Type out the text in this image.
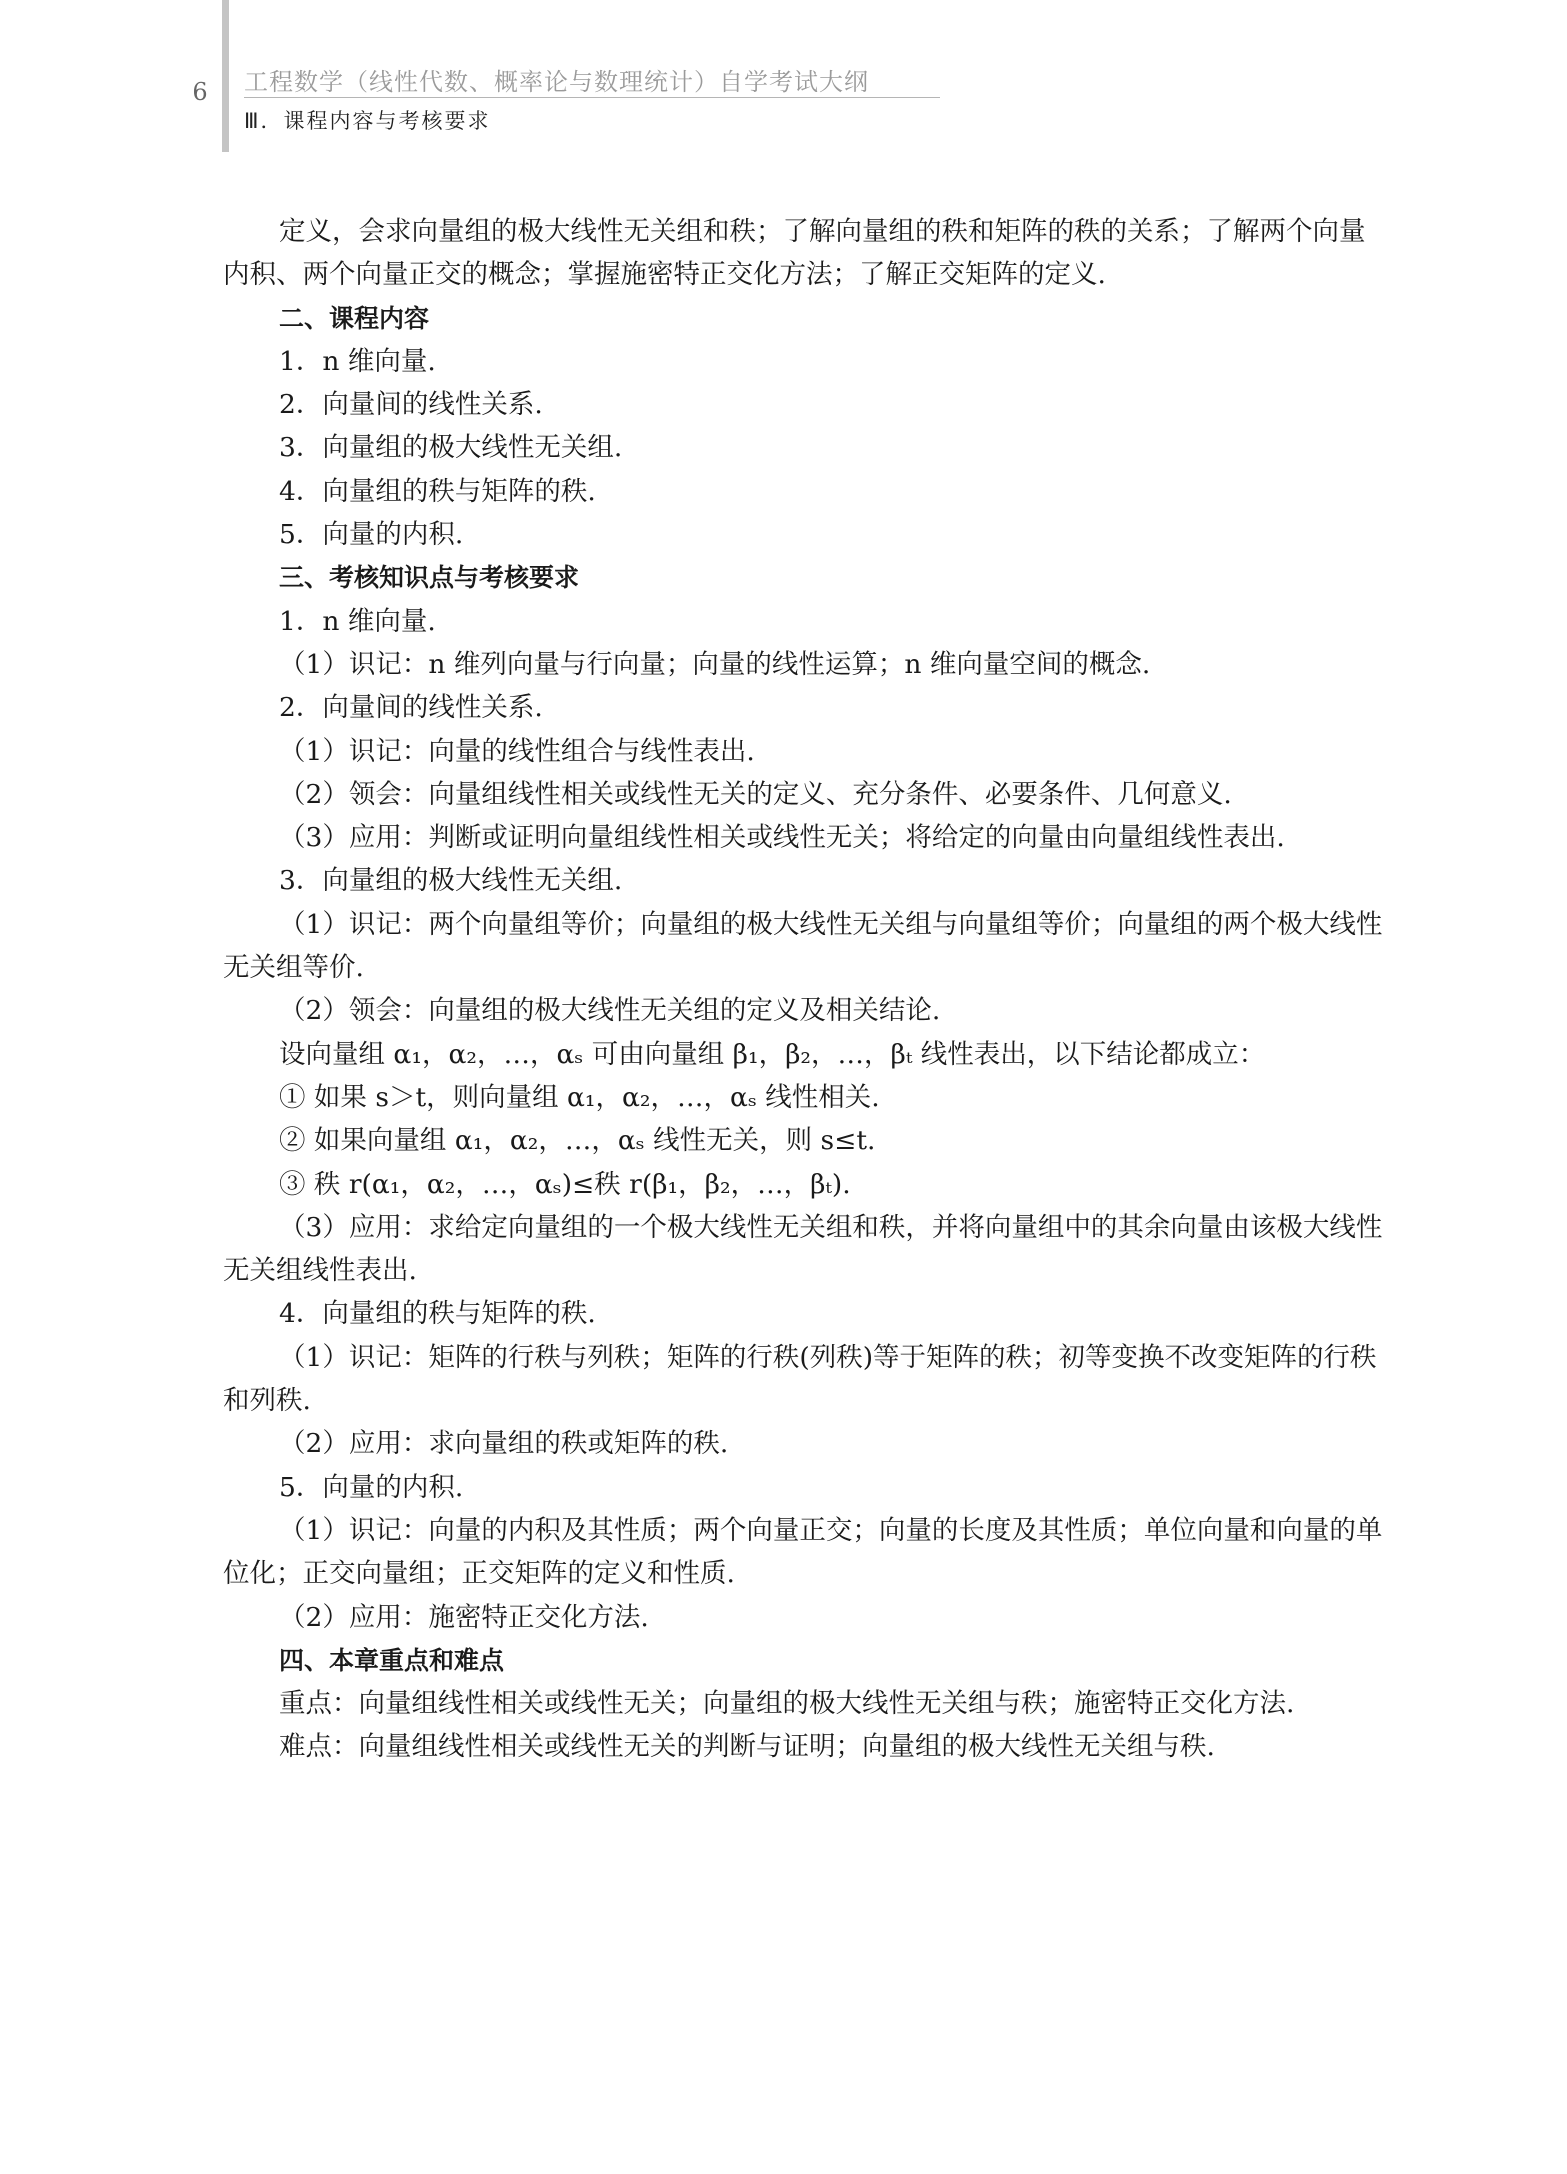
6	工程数学（线性代数、概率论与数理统计）自学考试大纲
Ⅲ．课程内容与考核要求

定义，会求向量组的极大线性无关组和秩；了解向量组的秩和矩阵的秩的关系；了解两个向量内积、两个向量正交的概念；掌握施密特正交化方法；了解正交矩阵的定义.

二、课程内容

1．n 维向量.

2．向量间的线性关系.

3．向量组的极大线性无关组.

4．向量组的秩与矩阵的秩.

5．向量的内积.

三、考核知识点与考核要求

1．n 维向量.

（1）识记：n 维列向量与行向量；向量的线性运算；n 维向量空间的概念.

2．向量间的线性关系.

（1）识记：向量的线性组合与线性表出.

（2）领会：向量组线性相关或线性无关的定义、充分条件、必要条件、几何意义.

（3）应用：判断或证明向量组线性相关或线性无关；将给定的向量由向量组线性表出.

3．向量组的极大线性无关组.

（1）识记：两个向量组等价；向量组的极大线性无关组与向量组等价；向量组的两个极大线性无关组等价.

（2）领会：向量组的极大线性无关组的定义及相关结论.

设向量组 α₁，α₂，…，αₛ 可由向量组 β₁，β₂，…，βₜ 线性表出，以下结论都成立：

① 如果 s＞t，则向量组 α₁，α₂，…，αₛ 线性相关.

② 如果向量组 α₁，α₂，…，αₛ 线性无关，则 s≤t.

③ 秩 r(α₁，α₂，…，αₛ)≤秩 r(β₁，β₂，…，βₜ).

（3）应用：求给定向量组的一个极大线性无关组和秩，并将向量组中的其余向量由该极大线性无关组线性表出.

4．向量组的秩与矩阵的秩.

（1）识记：矩阵的行秩与列秩；矩阵的行秩(列秩)等于矩阵的秩；初等变换不改变矩阵的行秩和列秩.

（2）应用：求向量组的秩或矩阵的秩.

5．向量的内积.

（1）识记：向量的内积及其性质；两个向量正交；向量的长度及其性质；单位向量和向量的单位化；正交向量组；正交矩阵的定义和性质.

（2）应用：施密特正交化方法.

四、本章重点和难点

重点：向量组线性相关或线性无关；向量组的极大线性无关组与秩；施密特正交化方法.

难点：向量组线性相关或线性无关的判断与证明；向量组的极大线性无关组与秩.
